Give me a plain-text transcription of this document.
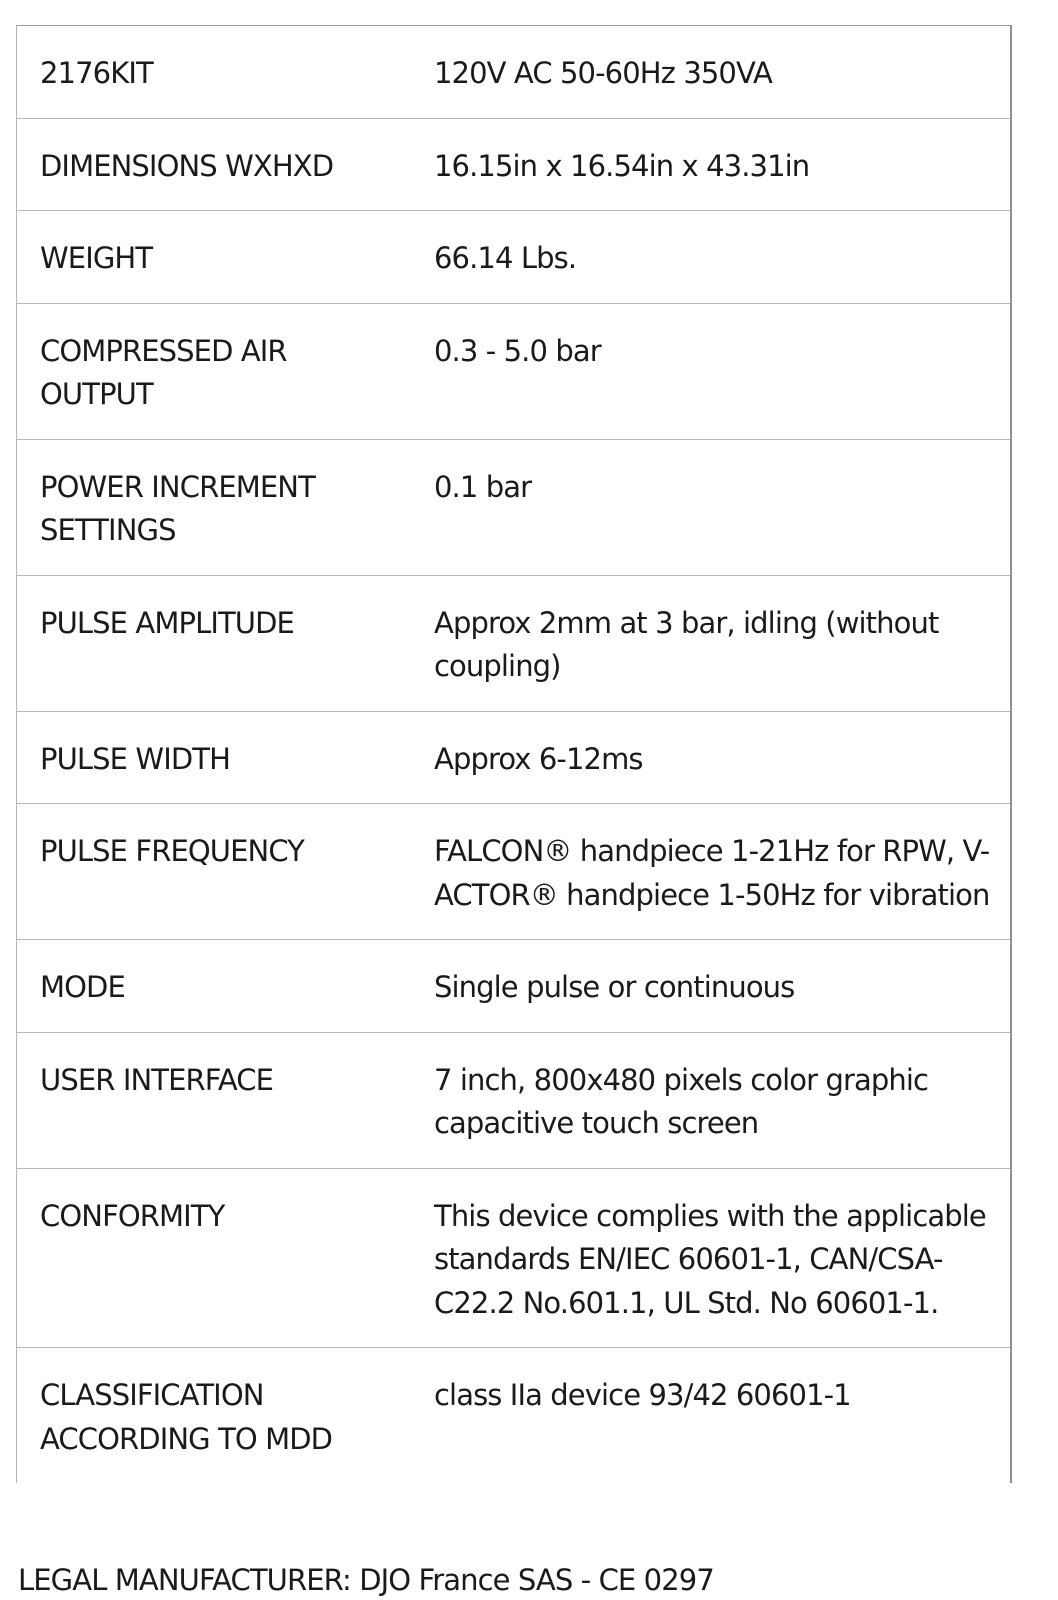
2176KIT	120V AC 50-60Hz 350VA
DIMENSIONS WXHXD	16.15in x 16.54in x 43.31in
WEIGHT	66.14 Lbs.
COMPRESSED AIR OUTPUT	0.3 - 5.0 bar
POWER INCREMENT SETTINGS	0.1 bar
PULSE AMPLITUDE	Approx 2mm at 3 bar, idling (without coupling)
PULSE WIDTH	Approx 6-12ms
PULSE FREQUENCY	FALCON® handpiece 1-21Hz for RPW, V-ACTOR® handpiece 1-50Hz for vibration
MODE	Single pulse or continuous
USER INTERFACE	7 inch, 800x480 pixels color graphic capacitive touch screen
CONFORMITY	This device complies with the applicable standards EN/IEC 60601-1, CAN/CSA-C22.2 No.601.1, UL Std. No 60601-1.
CLASSIFICATION ACCORDING TO MDD	class IIa device 93/42 60601-1
LEGAL MANUFACTURER: DJO France SAS - CE 0297
